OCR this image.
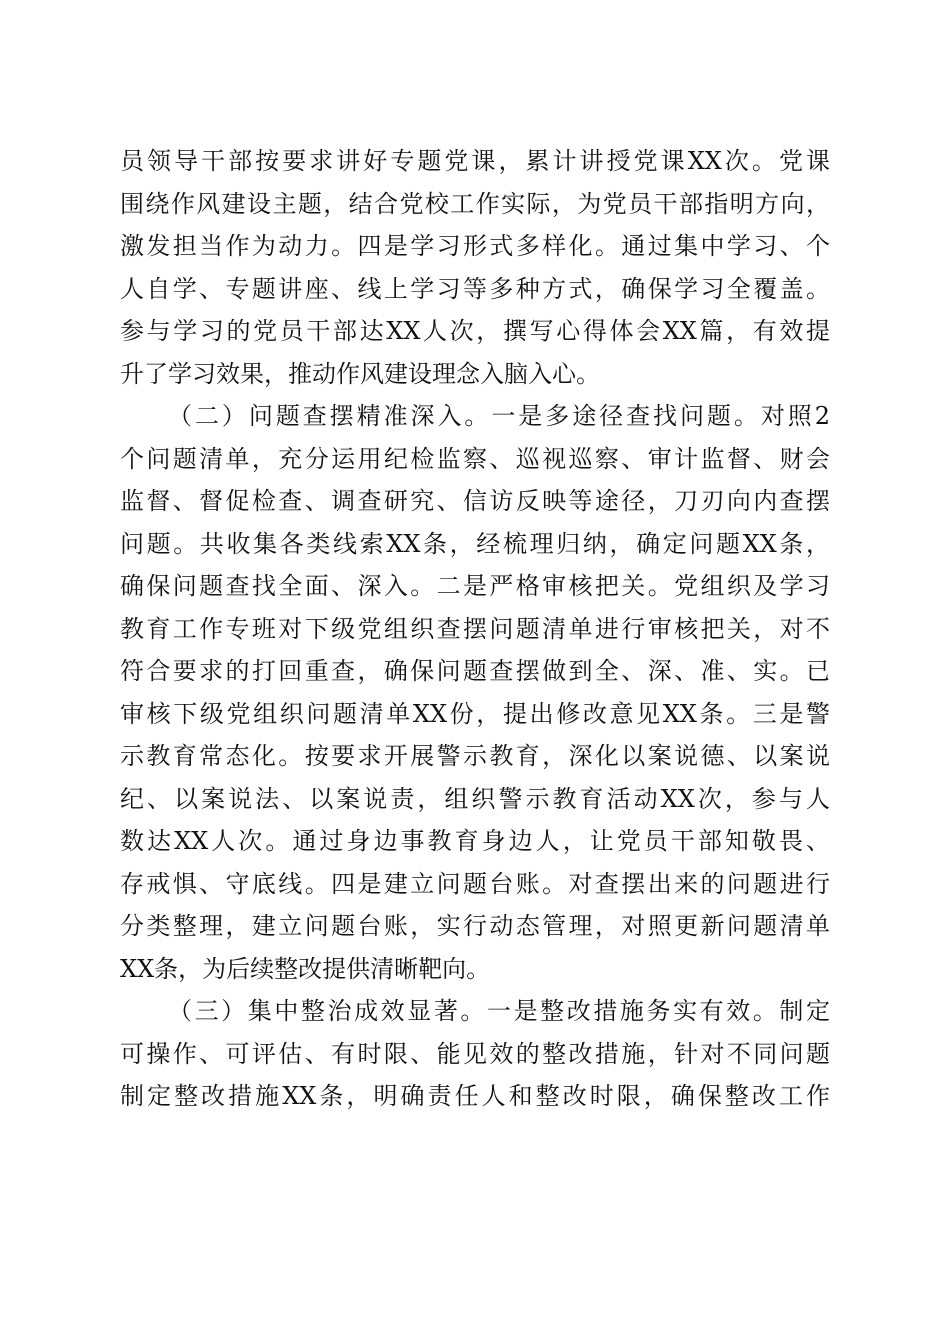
员领导干部按要求讲好专题党课，累计讲授党课XX次。党课
围绕作风建设主题，结合党校工作实际，为党员干部指明方向，
激发担当作为动力。四是学习形式多样化。通过集中学习、个
人自学、专题讲座、线上学习等多种方式，确保学习全覆盖。
参与学习的党员干部达XX人次，撰写心得体会XX篇，有效提
升了学习效果，推动作风建设理念入脑入心。
（二）问题查摆精准深入。一是多途径查找问题。对照2
个问题清单，充分运用纪检监察、巡视巡察、审计监督、财会
监督、督促检查、调查研究、信访反映等途径，刀刃向内查摆
问题。共收集各类线索XX条，经梳理归纳，确定问题XX条，
确保问题查找全面、深入。二是严格审核把关。党组织及学习
教育工作专班对下级党组织查摆问题清单进行审核把关，对不
符合要求的打回重查，确保问题查摆做到全、深、准、实。已
审核下级党组织问题清单XX份，提出修改意见XX条。三是警
示教育常态化。按要求开展警示教育，深化以案说德、以案说
纪、以案说法、以案说责，组织警示教育活动XX次，参与人
数达XX人次。通过身边事教育身边人，让党员干部知敬畏、
存戒惧、守底线。四是建立问题台账。对查摆出来的问题进行
分类整理，建立问题台账，实行动态管理，对照更新问题清单
XX条，为后续整改提供清晰靶向。
（三）集中整治成效显著。一是整改措施务实有效。制定
可操作、可评估、有时限、能见效的整改措施，针对不同问题
制定整改措施XX条，明确责任人和整改时限，确保整改工作
